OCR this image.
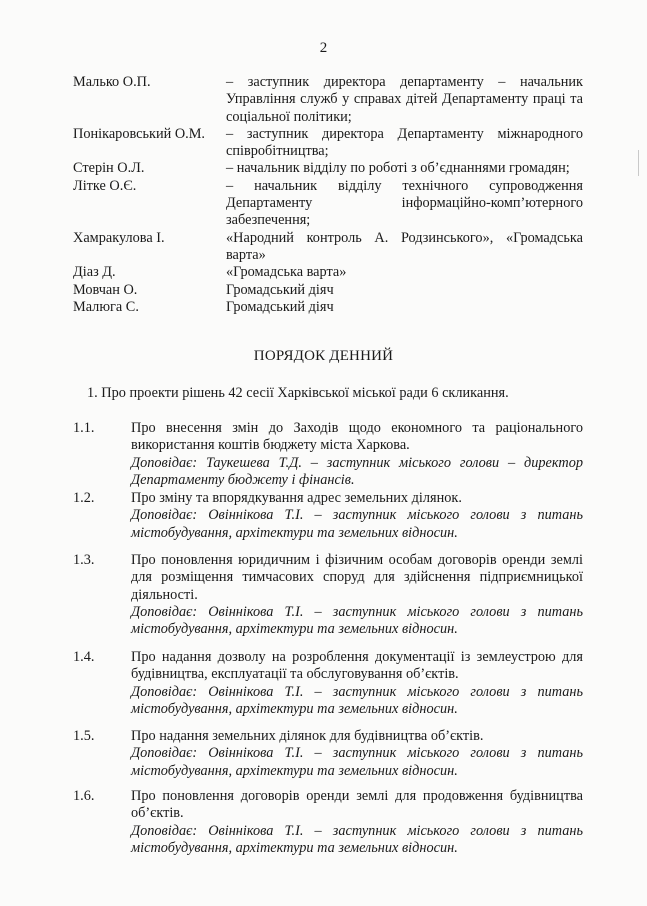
2
Малько О.П.	– заступник директора департаменту – начальник Управління служб у справах дітей Департаменту праці та соціальної політики;
Понікаровський О.М.	– заступник директора Департаменту міжнародного співробітництва;
Стерін О.Л.	– начальник відділу по роботі з об’єднаннями громадян;
Літке О.Є.	– начальник відділу технічного супроводження Департаменту інформаційно-комп’ютерного забезпечення;
Хамракулова І.	«Народний контроль А. Родзинського», «Громадська варта»
Діаз Д.	«Громадська варта»
Мовчан О.	Громадський діяч
Малюга С.	Громадський діяч
ПОРЯДОК ДЕННИЙ
1. Про проекти рішень 42 сесії Харківської міської ради 6 скликання.
1.1.	Про внесення змін до Заходів щодо економного та раціонального використання коштів бюджету міста Харкова.
Доповідає: Таукешева Т.Д. – заступник міського голови – директор Департаменту бюджету і фінансів.
1.2.	Про зміну та впорядкування адрес земельних ділянок.
Доповідає: Овіннікова Т.І. – заступник міського голови з питань містобудування, архітектури та земельних відносин.
1.3.	Про поновлення юридичним і фізичним особам договорів оренди землі для розміщення тимчасових споруд для здійснення підприємницької діяльності.
Доповідає: Овіннікова Т.І. – заступник міського голови з питань містобудування, архітектури та земельних відносин.
1.4.	Про надання дозволу на розроблення документації із землеустрою для будівництва, експлуатації та обслуговування об’єктів.
Доповідає: Овіннікова Т.І. – заступник міського голови з питань містобудування, архітектури та земельних відносин.
1.5.	Про надання земельних ділянок для будівництва об’єктів.
Доповідає: Овіннікова Т.І. – заступник міського голови з питань містобудування, архітектури та земельних відносин.
1.6.	Про поновлення договорів оренди землі для продовження будівництва об’єктів.
Доповідає: Овіннікова Т.І. – заступник міського голови з питань містобудування, архітектури та земельних відносин.
